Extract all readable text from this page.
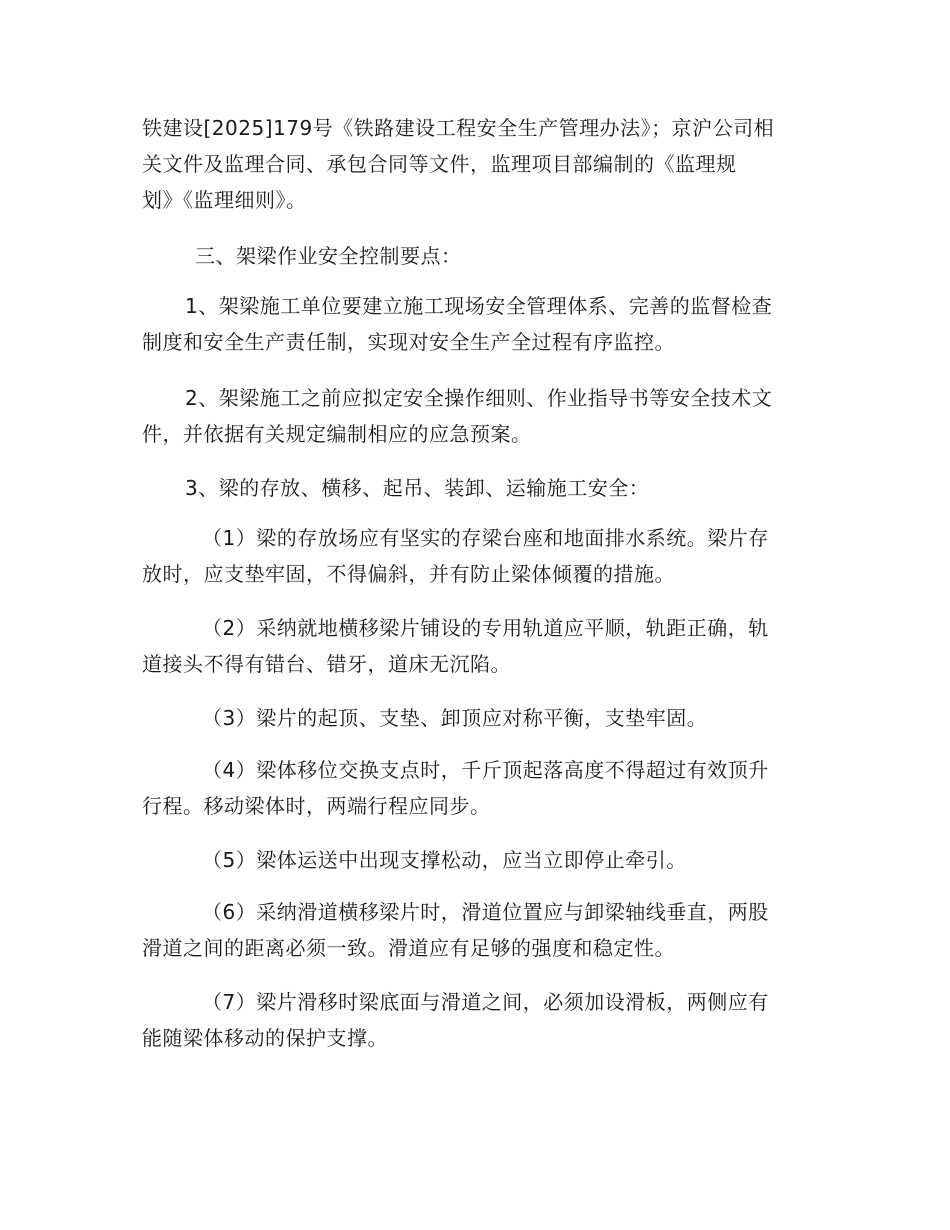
铁建设[2025]179号《铁路建设工程安全生产管理办法》；京沪公司相
关文件及监理合同、承包合同等文件，监理项目部编制的《监理规
划》《监理细则》。
三、架梁作业安全控制要点：
1、架梁施工单位要建立施工现场安全管理体系、完善的监督检查
制度和安全生产责任制，实现对安全生产全过程有序监控。
2、架梁施工之前应拟定安全操作细则、作业指导书等安全技术文
件，并依据有关规定编制相应的应急预案。
3、梁的存放、横移、起吊、装卸、运输施工安全：
（1）梁的存放场应有坚实的存梁台座和地面排水系统。梁片存
放时，应支垫牢固，不得偏斜，并有防止梁体倾覆的措施。
（2）采纳就地横移梁片铺设的专用轨道应平顺，轨距正确，轨
道接头不得有错台、错牙，道床无沉陷。
（3）梁片的起顶、支垫、卸顶应对称平衡，支垫牢固。
（4）梁体移位交换支点时，千斤顶起落高度不得超过有效顶升
行程。移动梁体时，两端行程应同步。
（5）梁体运送中出现支撑松动，应当立即停止牵引。
（6）采纳滑道横移梁片时，滑道位置应与卸梁轴线垂直，两股
滑道之间的距离必须一致。滑道应有足够的强度和稳定性。
（7）梁片滑移时梁底面与滑道之间，必须加设滑板，两侧应有
能随梁体移动的保护支撑。
